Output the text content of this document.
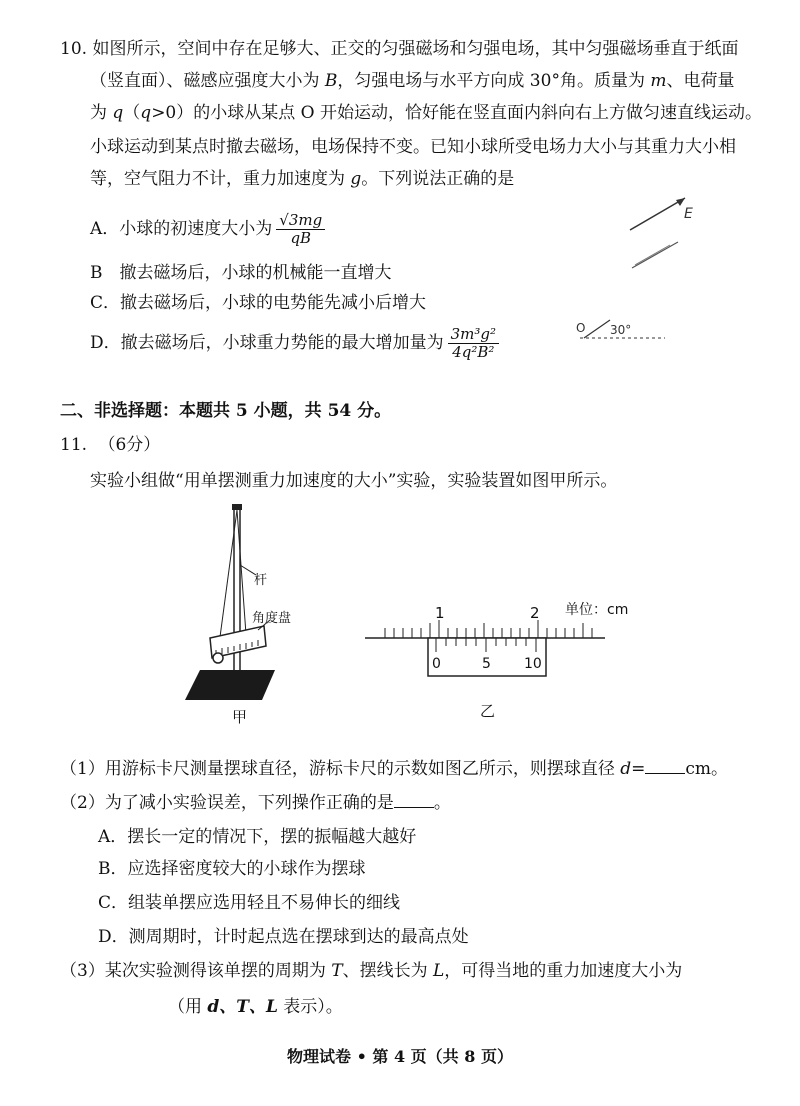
10. 如图所示，空间中存在足够大、正交的匀强磁场和匀强电场，其中匀强磁场垂直于纸面
（竖直面）、磁感应强度大小为 B，匀强电场与水平方向成 30°角。质量为 m、电荷量
为 q（q>0）的小球从某点 O 开始运动，恰好能在竖直面内斜向右上方做匀速直线运动。
小球运动到某点时撤去磁场，电场保持不变。已知小球所受电场力大小与其重力大小相
等，空气阻力不计，重力加速度为 g。下列说法正确的是
A．小球的初速度大小为 $\frac{√3mg}{qB}$
B　撤去磁场后，小球的机械能一直增大
C．撤去磁场后，小球的电势能先减小后增大
D．撤去磁场后，小球重力势能的最大增加量为 $\frac{\text{3m³g²}}{\text{4q²B²}}$
E
O 30°
二、非选择题：本题共 5 小题，共 54 分。
11. （6分）
实验小组做“用单摆测重力加速度的大小”实验，实验装置如图甲所示。
杆
角度盘
甲
单位：cm
1	2
0	5 10
乙
（1）用游标卡尺测量摆球直径，游标卡尺的示数如图乙所示，则摆球直径 d= cm。
（2）为了减小实验误差，下列操作正确的是 。
A．摆长一定的情况下，摆的振幅越大越好
B．应选择密度较大的小球作为摆球
C．组装单摆应选用轻且不易伸长的细线
D．测周期时，计时起点选在摆球到达的最高点处
（3）某次实验测得该单摆的周期为 T、摆线长为 L，可得当地的重力加速度大小为
（用 d、T、L 表示）。
物理试卷 • 第 4 页（共 8 页）
